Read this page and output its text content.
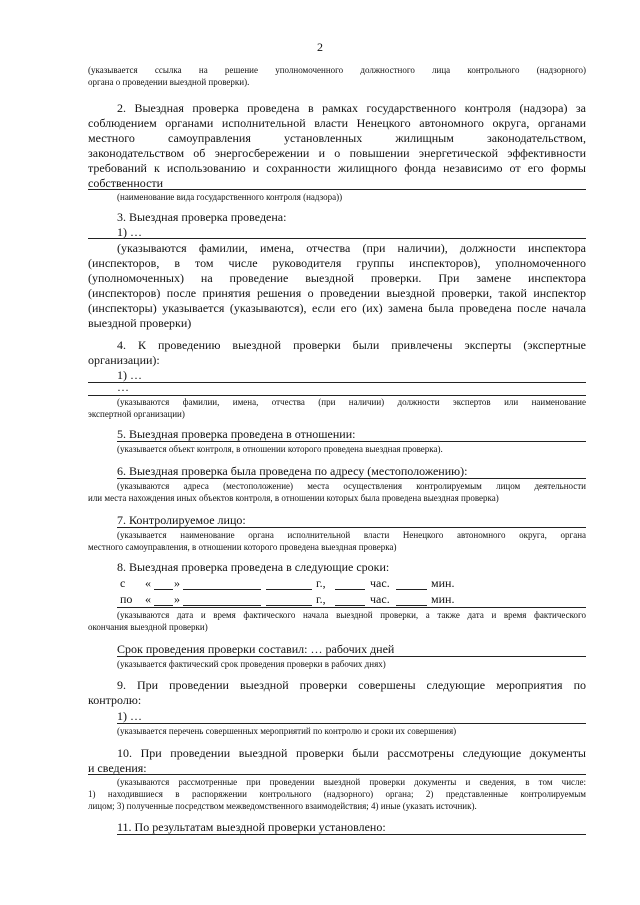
2
(указывается ссылка на решение уполномоченного должностного лица контрольного (надзорного)
органа о проведении выездной проверки).
2. Выездная проверка проведена в рамках государственного контроля (надзора) за
соблюдением органами исполнительной власти Ненецкого автономного округа, органами
местного самоуправления установленных жилищным законодательством,
законодательством об энергосбережении и о повышении энергетической эффективности
требований к использованию и сохранности жилищного фонда независимо от его формы
собственности
(наименование вида государственного контроля (надзора))
3. Выездная проверка проведена:
1) …
(указываются фамилии, имена, отчества (при наличии), должности инспектора
(инспекторов, в том числе руководителя группы инспекторов), уполномоченного
(уполномоченных) на проведение выездной проверки. При замене инспектора
(инспекторов) после принятия решения о проведении выездной проверки, такой инспектор
(инспекторы) указывается (указываются), если его (их) замена была проведена после начала
выездной проверки)
4. К проведению выездной проверки были привлечены эксперты (экспертные
организации):
1) …
…
(указываются фамилии, имена, отчества (при наличии) должности экспертов или наименование
экспертной организации)
5. Выездная проверка проведена в отношении:
(указывается объект контроля, в отношении которого проведена выездная проверка).
6. Выездная проверка была проведена по адресу (местоположению):
(указываются адреса (местоположение) места осуществления контролируемым лицом деятельности
или места нахождения иных объектов контроля, в отношении которых была проведена выездная проверка)
7. Контролируемое лицо:
(указывается наименование органа исполнительной власти Ненецкого автономного округа, органа
местного самоуправления, в отношении которого проведена выездная проверка)
8. Выездная проверка проведена в следующие сроки:
с « »	г.,	час.	мин.
по « »	г.,	час.	мин.
(указываются дата и время фактического начала выездной проверки, а также дата и время фактического
окончания выездной проверки)
Срок проведения проверки составил: … рабочих дней
(указывается фактический срок проведения проверки в рабочих днях)
9. При проведении выездной проверки совершены следующие мероприятия по
контролю:
1) …
(указывается перечень совершенных мероприятий по контролю и сроки их совершения)
10. При проведении выездной проверки были рассмотрены следующие документы
и сведения:
(указываются рассмотренные при проведении выездной проверки документы и сведения, в том числе:
1) находившиеся в распоряжении контрольного (надзорного) органа; 2) представленные контролируемым
лицом; 3) полученные посредством межведомственного взаимодействия; 4) иные (указать источник).
11. По результатам выездной проверки установлено:
